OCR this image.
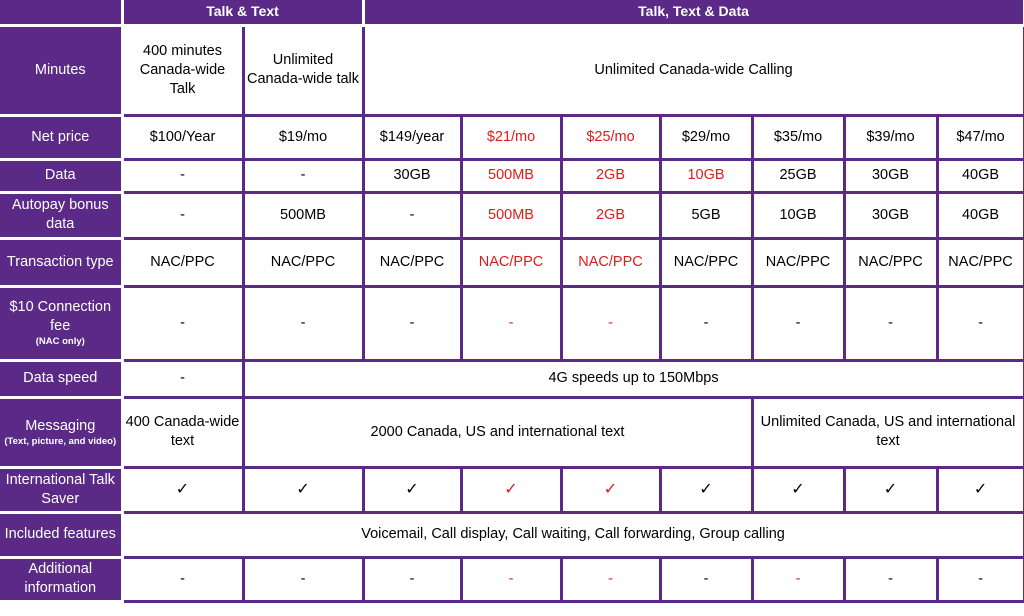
	Talk & Text		Talk, Text & Data						
Minutes	400 minutes Canada-wide Talk	Unlimited Canada-wide talk	Unlimited Canada-wide Calling						
Net price	$100/Year	$19/mo	$149/year	$21/mo	$25/mo	$29/mo	$35/mo	$39/mo	$47/mo
Data	-	-	30GB	500MB	2GB	10GB	25GB	30GB	40GB
Autopay bonus data	-	500MB	-	500MB	2GB	5GB	10GB	30GB	40GB
Transaction type	NAC/PPC	NAC/PPC	NAC/PPC	NAC/PPC	NAC/PPC	NAC/PPC	NAC/PPC	NAC/PPC	NAC/PPC
$10 Connection fee
(NAC only)	-	-	-	-	-	-	-	-	-
Data speed	-	4G speeds up to 150Mbps							
Messaging
(Text, picture, and video)	400 Canada-wide text	2000 Canada, US and international text					Unlimited Canada, US and international text		
International Talk Saver	✓	✓	✓	✓	✓	✓	✓	✓	✓
Included features	Voicemail, Call display, Call waiting, Call forwarding, Group calling								
Additional information	-	-	-	-	-	-	-	-	-
